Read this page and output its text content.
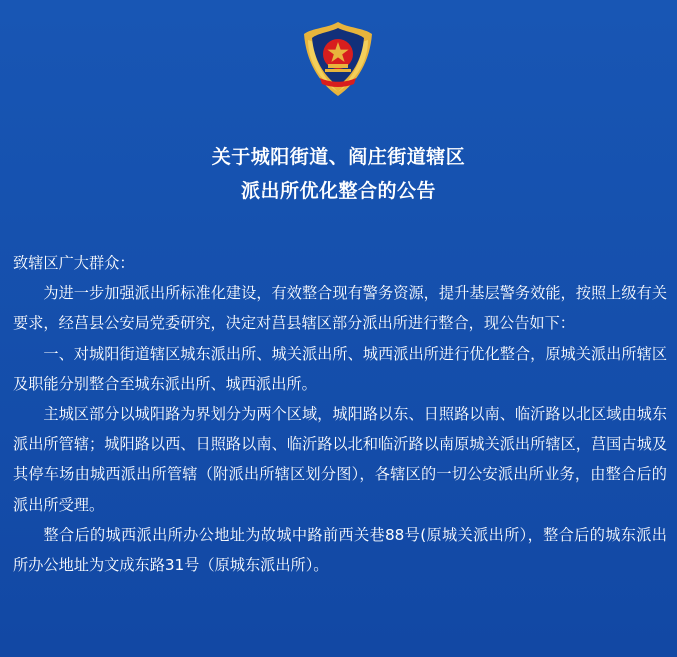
关于城阳街道、阎庄街道辖区
派出所优化整合的公告

致辖区广大群众：

为进一步加强派出所标准化建设，有效整合现有警务资源，提升基层警务效能，按照上级有关要求，经莒县公安局党委研究，决定对莒县辖区部分派出所进行整合，现公告如下：

一、对城阳街道辖区城东派出所、城关派出所、城西派出所进行优化整合，原城关派出所辖区及职能分别整合至城东派出所、城西派出所。

主城区部分以城阳路为界划分为两个区域，城阳路以东、日照路以南、临沂路以北区域由城东派出所管辖；城阳路以西、日照路以南、临沂路以北和临沂路以南原城关派出所辖区，莒国古城及其停车场由城西派出所管辖（附派出所辖区划分图），各辖区的一切公安派出所业务，由整合后的派出所受理。

整合后的城西派出所办公地址为故城中路前西关巷88号(原城关派出所），整合后的城东派出所办公地址为文成东路31号（原城东派出所）。
